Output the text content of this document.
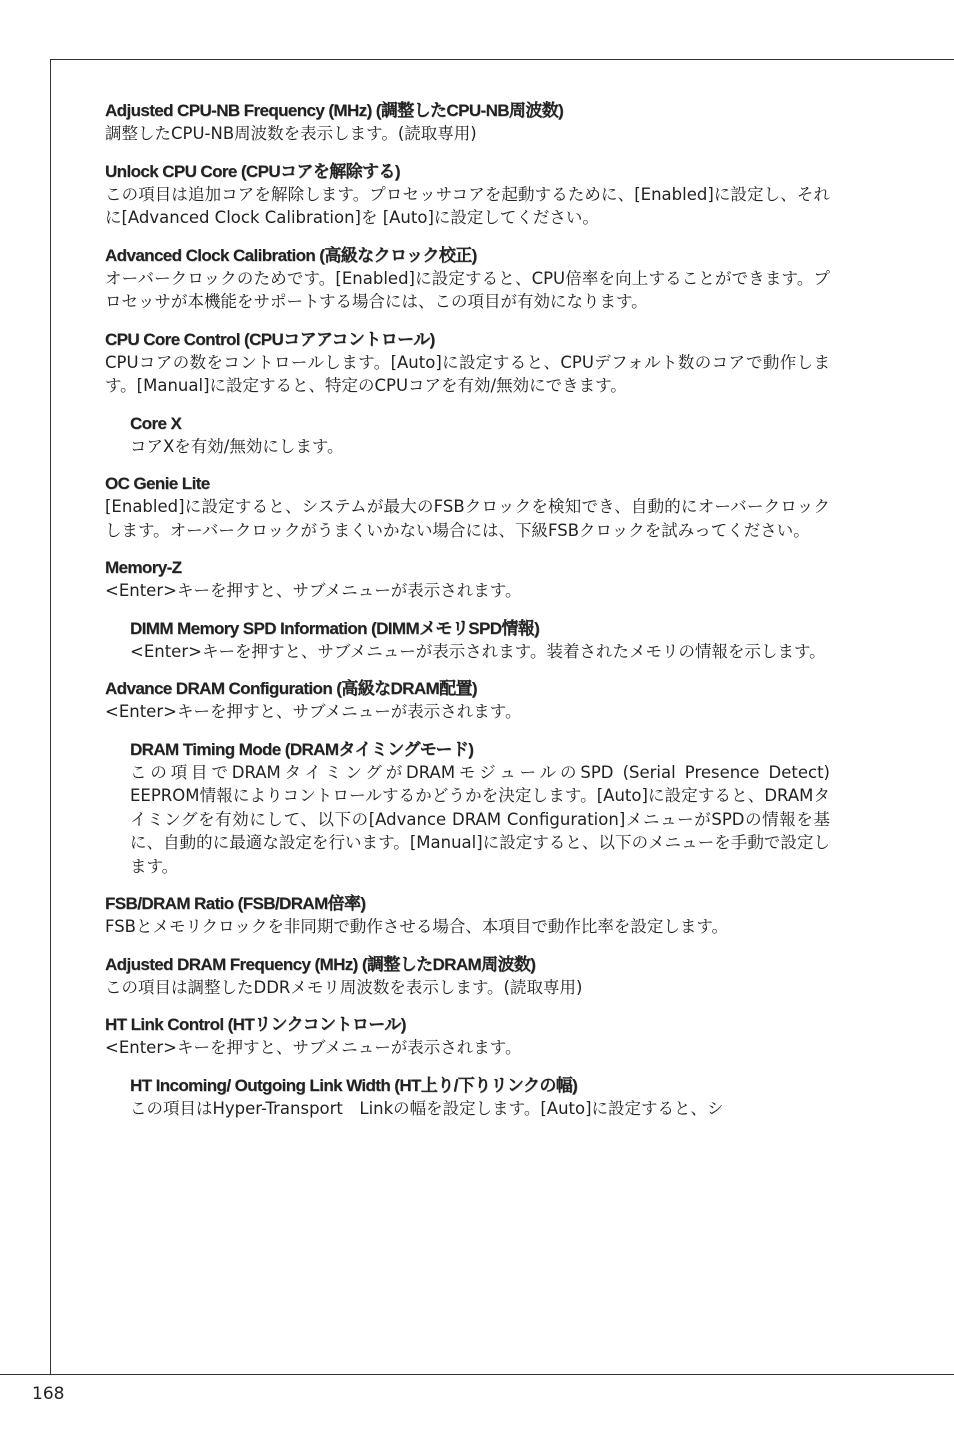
Adjusted CPU-NB Frequency (MHz) (調整したCPU-NB周波数)

調整したCPU-NB周波数を表示します。(読取専用)

Unlock CPU Core (CPUコアを解除する)

この項目は追加コアを解除します。プロセッサコアを起動するために、[Enabled]に設定し、それに[Advanced Clock Calibration]を [Auto]に設定してください。

Advanced Clock Calibration (高級なクロック校正)

オーバークロックのためです。[Enabled]に設定すると、CPU倍率を向上することができます。プロセッサが本機能をサポートする場合には、この項目が有効になります。

CPU Core Control (CPUコアアコントロール)

CPUコアの数をコントロールします。[Auto]に設定すると、CPUデフォルト数のコアで動作します。[Manual]に設定すると、特定のCPUコアを有効/無効にできます。

Core X

コアXを有効/無効にします。

OC Genie Lite

[Enabled]に設定すると、システムが最大のFSBクロックを検知でき、自動的にオーバークロックします。オーバークロックがうまくいかない場合には、下級FSBクロックを試みってください。

Memory-Z

<Enter>キーを押すと、サブメニューが表示されます。

DIMM Memory SPD Information (DIMMメモリSPD情報)

<Enter>キーを押すと、サブメニューが表示されます。装着されたメモリの情報を示します。

Advance DRAM Configuration (高級なDRAM配置)

<Enter>キーを押すと、サブメニューが表示されます。

DRAM Timing Mode (DRAMタイミングモード)

この項目でDRAMタイミングがDRAMモジュールのSPD (Serial Presence Detect)　EEPROM情報によりコントロールするかどうかを決定します。[Auto]に設定すると、DRAMタイミングを有効にして、以下の[Advance DRAM Configuration]メニューがSPDの情報を基に、自動的に最適な設定を行います。[Manual]に設定すると、以下のメニューを手動で設定します。

FSB/DRAM Ratio (FSB/DRAM倍率)

FSBとメモリクロックを非同期で動作させる場合、本項目で動作比率を設定します。

Adjusted DRAM Frequency (MHz) (調整したDRAM周波数)

この項目は調整したDDRメモリ周波数を表示します。(読取専用)

HT Link Control (HTリンクコントロール)

<Enter>キーを押すと、サブメニューが表示されます。

HT Incoming/ Outgoing Link Width (HT上り/下りリンクの幅)

この項目はHyper-Transport　Linkの幅を設定します。[Auto]に設定すると、シ

168
